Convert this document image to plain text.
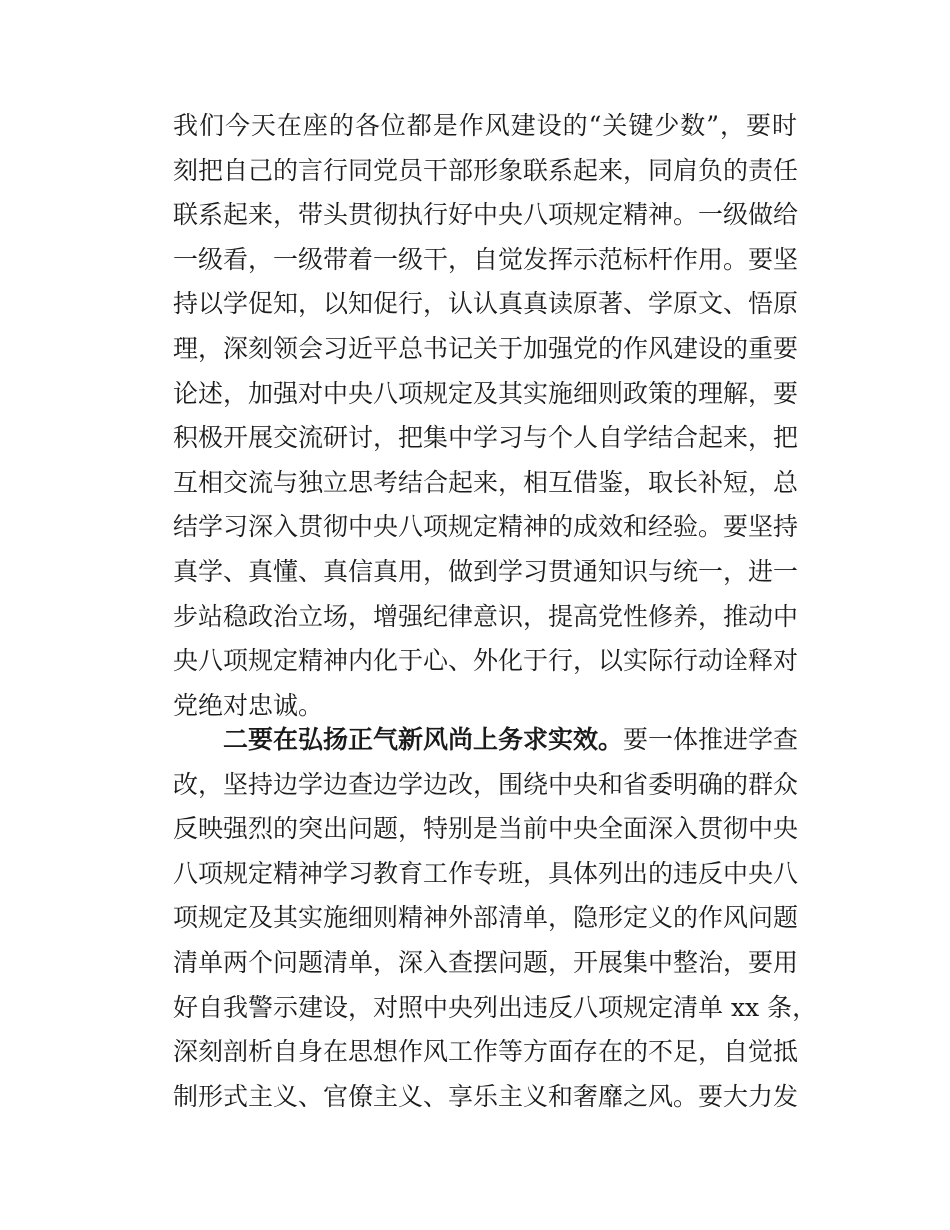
我们今天在座的各位都是作风建设的“关键少数”，要时
刻把自己的言行同党员干部形象联系起来，同肩负的责任
联系起来，带头贯彻执行好中央八项规定精神。一级做给
一级看，一级带着一级干，自觉发挥示范标杆作用。要坚
持以学促知，以知促行，认认真真读原著、学原文、悟原
理，深刻领会习近平总书记关于加强党的作风建设的重要
论述，加强对中央八项规定及其实施细则政策的理解，要
积极开展交流研讨，把集中学习与个人自学结合起来，把
互相交流与独立思考结合起来，相互借鉴，取长补短，总
结学习深入贯彻中央八项规定精神的成效和经验。要坚持
真学、真懂、真信真用，做到学习贯通知识与统一，进一
步站稳政治立场，增强纪律意识，提高党性修养，推动中
央八项规定精神内化于心、外化于行，以实际行动诠释对
党绝对忠诚。
二要在弘扬正气新风尚上务求实效。要一体推进学查
改，坚持边学边查边学边改，围绕中央和省委明确的群众
反映强烈的突出问题，特别是当前中央全面深入贯彻中央
八项规定精神学习教育工作专班，具体列出的违反中央八
项规定及其实施细则精神外部清单，隐形定义的作风问题
清单两个问题清单，深入查摆问题，开展集中整治，要用
好自我警示建设，对照中央列出违反八项规定清单 xx 条，
深刻剖析自身在思想作风工作等方面存在的不足，自觉抵
制形式主义、官僚主义、享乐主义和奢靡之风。要大力发
